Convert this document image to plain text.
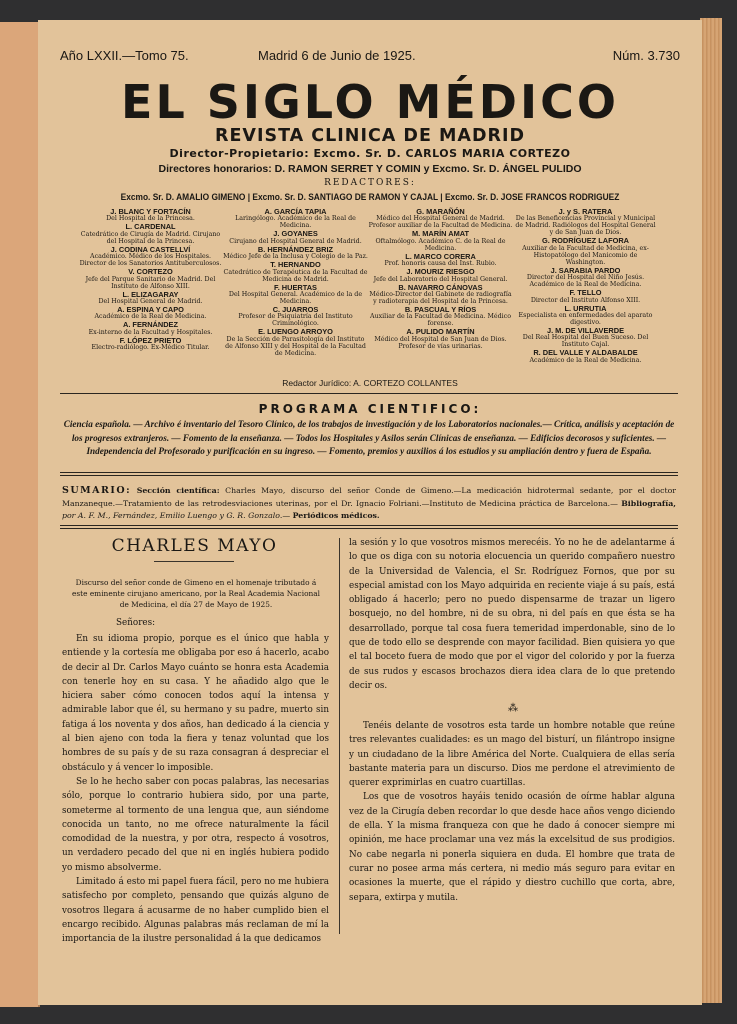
Año LXXII.—Tomo 75.	Madrid 6 de Junio de 1925.	Núm. 3.730
EL SIGLO MÉDICO
REVISTA CLINICA DE MADRID
Director-Propietario: Excmo. Sr. D. CARLOS MARIA CORTEZO
Directores honorarios: D. RAMON SERRET Y COMIN y Excmo. Sr. D. ÁNGEL PULIDO
REDACTORES:
Excmo. Sr. D. AMALIO GIMENO | Excmo. Sr. D. SANTIAGO DE RAMON Y CAJAL | Excmo. Sr. D. JOSE FRANCOS RODRIGUEZ
J. BLANC Y FORTACÍN
Del Hospital de la Princesa.
L. CARDENAL
Catedrático de Cirugía de Madrid. Cirujano del Hospital de la Princesa.
J. CODINA CASTELLVÍ
Académico. Médico de los Hospitales. Director de los Sanatorios Antituberculosos.
V. CORTEZO
Jefe del Parque Sanitario de Madrid. Del Instituto de Alfonso XIII.
L. ELIZAGARAY
Del Hospital General de Madrid.
A. ESPINA Y CAPO
Académico de la Real de Medicina.
A. FERNÁNDEZ
Ex-interno de la Facultad y Hospitales.
F. LÓPEZ PRIETO
Electro-radiólogo. Ex-Médico Titular.
A. GARCÍA TAPIA
Laringólogo. Académico de la Real de Medicina.
J. GOYANES
Cirujano del Hospital General de Madrid.
B. HERNÁNDEZ BRIZ
Médico Jefe de la Inclusa y Colegio de la Paz.
T. HERNANDO
Catedrático de Terapéutica de la Facultad de Medicina de Madrid.
F. HUERTAS
Del Hospital General. Académico de la de Medicina.
C. JUARROS
Profesor de Psiquiatría del Instituto Criminológico.
E. LUENGO ARROYO
De la Sección de Parasitología del Instituto de Alfonso XIII y del Hospital de la Facultad de Medicina.
G. MARAÑÓN
Médico del Hospital General de Madrid. Profesor auxiliar de la Facultad de Medicina.
M. MARÍN AMAT
Oftalmólogo. Académico C. de la Real de Medicina.
L. MARCO CORERA
Prof. honoris causa del Inst. Rubio.
J. MOURIZ RIESGO
Jefe del Laboratorio del Hospital General.
B. NAVARRO CÁNOVAS
Médico-Director del Gabinete de radiografía y radioterapia del Hospital de la Princesa.
B. PASCUAL Y RÍOS
Auxiliar de la Facultad de Medicina. Médico forense.
A. PULIDO MARTÍN
Médico del Hospital de San Juan de Dios. Profesor de vías urinarias.
J. y S. RATERA
De las Beneficencias Provincial y Municipal de Madrid. Radiólogos del Hospital General y de San Juan de Dios.
G. RODRÍGUEZ LAFORA
Auxiliar de la Facultad de Medicina, ex-Histopatólogo del Manicomio de Washington.
J. SARABIA PARDO
Director del Hospital del Niño Jesús. Académico de la Real de Medicina.
F. TELLO
Director del Instituto Alfonso XIII.
L. URRUTIA
Especialista en enfermedades del aparato digestivo.
J. M. DE VILLAVERDE
Del Real Hospital del Buen Suceso. Del Instituto Cajal.
R. DEL VALLE Y ALDABALDE
Académico de la Real de Medicina.
Redactor Jurídico: A. CORTEZO COLLANTES
PROGRAMA CIENTIFICO:
Ciencia española. — Archivo é inventario del Tesoro Clínico, de los trabajos de investigación y de los Laboratorios nacionales.— Crítica, análisis y aceptación de los progresos extranjeros. — Fomento de la enseñanza. — Todos los Hospitales y Asilos serán Clínicas de enseñanza. — Edificios decorosos y suficientes. — Independencia del Profesorado y purificación en su ingreso. — Fomento, premios y auxilios á los estudios y su ampliación dentro y fuera de España.
SUMARIO: Sección científica: Charles Mayo, discurso del señor Conde de Gimeno.—La medicación hidrotermal sedante, por el doctor Manzaneque.—Tratamiento de las retrodesviaciones uterinas, por el Dr. Ignacio Folriani.—Instituto de Medicina práctica de Barcelona.— Bibliografía, por A. F. M., Fernández, Emilio Luengo y G. R. Gonzalo.— Periódicos médicos.
CHARLES MAYO
Discurso del señor conde de Gimeno en el homenaje tributado á este eminente cirujano americano, por la Real Academia Nacional de Medicina, el día 27 de Mayo de 1925.
Señores:

En su idioma propio, porque es el único que habla y entiende y la cortesía me obligaba por eso á hacerlo, acabo de decir al Dr. Carlos Mayo cuánto se honra esta Academia con tenerle hoy en su casa. Y he añadido algo que le hiciera saber cómo conocen todos aquí la intensa y admirable labor que él, su hermano y su padre, muerto sin fatiga á los noventa y dos años, han dedicado á la ciencia y al bien ajeno con toda la fiera y tenaz voluntad que los hombres de su país y de su raza consagran á despreciar el obstáculo y á vencer lo imposible.

Se lo he hecho saber con pocas palabras, las necesarias sólo, porque lo contrario hubiera sido, por una parte, someterme al tormento de una lengua que, aun siéndome conocida un tanto, no me ofrece naturalmente la fácil comodidad de la nuestra, y por otra, respecto á vosotros, un verdadero pecado del que ni en inglés hubiera podido yo mismo absolverme.

Limitado á esto mi papel fuera fácil, pero no me hubiera satisfecho por completo, pensando que quizás alguno de vosotros llegara á acusarme de no haber cumplido bien el encargo recibido. Algunas palabras más reclaman de mí la importancia de la ilustre personalidad á la que dedicamos

la sesión y lo que vosotros mismos merecéis. Yo no he de adelantarme á lo que os diga con su notoria elocuencia un querido compañero nuestro de la Universidad de Valencia, el Sr. Rodríguez Fornos, que por su especial amistad con los Mayo adquirida en reciente viaje á su país, está obligado á hacerlo; pero no puedo dispensarme de trazar un ligero bosquejo, no del hombre, ni de su obra, ni del país en que ésta se ha desarrollado, porque tal cosa fuera temeridad imperdonable, sino de lo que de todo ello se desprende con mayor facilidad. Bien quisiera yo que el tal boceto fuera de modo que por el vigor del colorido y por la fuerza de sus rudos y escasos brochazos diera idea clara de lo que pretendo decir os.

⁂

Tenéis delante de vosotros esta tarde un hombre notable que reúne tres relevantes cualidades: es un mago del bisturí, un filántropo insigne y un ciudadano de la libre América del Norte. Cualquiera de ellas sería bastante materia para un discurso. Dios me perdone el atrevimiento de querer exprimirlas en cuatro cuartillas.

Los que de vosotros hayáis tenido ocasión de oírme hablar alguna vez de la Cirugía deben recordar lo que desde hace años vengo diciendo de ella. Y la misma franqueza con que he dado á conocer siempre mi opinión, me hace proclamar una vez más la excelsitud de sus prodigios. No cabe negarla ni ponerla siquiera en duda. El hombre que trata de curar no posee arma más certera, ni medio más seguro para evitar en ocasiones la muerte, que el rápido y diestro cuchillo que corta, abre, separa, extirpa y mutila.
